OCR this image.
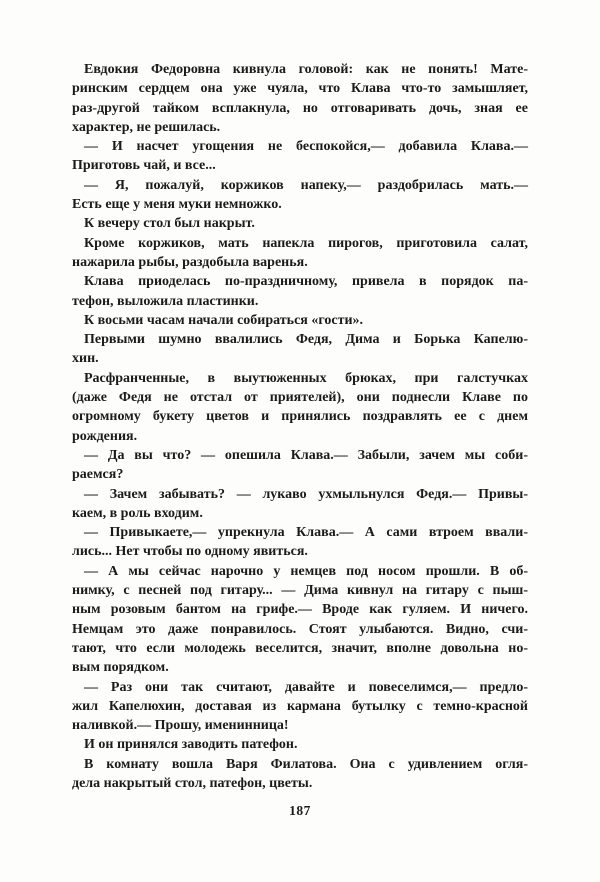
Евдокия Федоровна кивнула головой: как не понять! Мате-
ринским сердцем она уже чуяла, что Клава что-то замышляет,
раз-другой тайком всплакнула, но отговаривать дочь, зная ее
характер, не решилась.
— И насчет угощения не беспокойся,— добавила Клава.—
Приготовь чай, и все...
— Я, пожалуй, коржиков напеку,— раздобрилась мать.—
Есть еще у меня муки немножко.
К вечеру стол был накрыт.
Кроме коржиков, мать напекла пирогов, приготовила салат,
нажарила рыбы, раздобыла варенья.
Клава приоделась по-праздничному, привела в порядок па-
тефон, выложила пластинки.
К восьми часам начали собираться «гости».
Первыми шумно ввалились Федя, Дима и Борька Капелю-
хин.
Расфранченные, в выутюженных брюках, при галстучках
(даже Федя не отстал от приятелей), они поднесли Клаве по
огромному букету цветов и принялись поздравлять ее с днем
рождения.
— Да вы что? — опешила Клава.— Забыли, зачем мы соби-
раемся?
— Зачем забывать? — лукаво ухмыльнулся Федя.— Привы-
каем, в роль входим.
— Привыкаете,— упрекнула Клава.— А сами втроем ввали-
лись... Нет чтобы по одному явиться.
— А мы сейчас нарочно у немцев под носом прошли. В об-
нимку, с песней под гитару... — Дима кивнул на гитару с пыш-
ным розовым бантом на грифе.— Вроде как гуляем. И ничего.
Немцам это даже понравилось. Стоят улыбаются. Видно, счи-
тают, что если молодежь веселится, значит, вполне довольна но-
вым порядком.
— Раз они так считают, давайте и повеселимся,— предло-
жил Капелюхин, доставая из кармана бутылку с темно-красной
наливкой.— Прошу, именинница!
И он принялся заводить патефон.
В комнату вошла Варя Филатова. Она с удивлением огля-
дела накрытый стол, патефон, цветы.
187
